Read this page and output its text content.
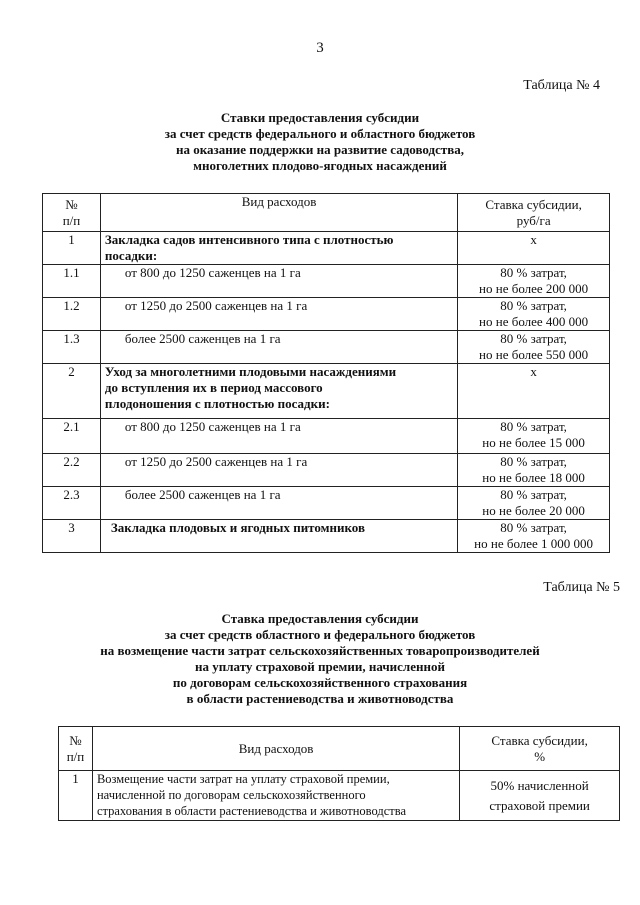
3
Таблица № 4
Ставки предоставления субсидии
за счет средств федерального и областного бюджетов
на оказание поддержки на развитие садоводства,
многолетних плодово-ягодных насаждений
№
п/п	Вид расходов	Ставка субсидии,
руб/га
1	Закладка садов интенсивного типа с плотностью
посадки:	х
1.1	от 800 до 1250 саженцев на 1 га	80 % затрат,
но не более 200 000
1.2	от 1250 до 2500 саженцев на 1 га	80 % затрат,
но не более 400 000
1.3	более 2500 саженцев на 1 га	80 % затрат,
но не более 550 000
2	Уход за многолетними плодовыми насаждениями
до вступления их в период массового
плодоношения с плотностью посадки:	х
2.1	от 800 до 1250 саженцев на 1 га	80 % затрат,
но не более 15 000
2.2	от 1250 до 2500 саженцев на 1 га	80 % затрат,
но не более 18 000
2.3	более 2500 саженцев на 1 га	80 % затрат,
но не более 20 000
3	Закладка плодовых и ягодных питомников	80 % затрат,
но не более 1 000 000
Таблица № 5
Ставка предоставления субсидии
за счет средств областного и федерального бюджетов
на возмещение части затрат сельскохозяйственных товаропроизводителей
на уплату страховой премии, начисленной
по договорам сельскохозяйственного страхования
в области растениеводства и животноводства
№
п/п	Вид расходов	Ставка субсидии,
%
1	Возмещение части затрат на уплату страховой премии,
начисленной по договорам сельскохозяйственного
страхования в области растениеводства и животноводства	50% начисленной
страховой премии
